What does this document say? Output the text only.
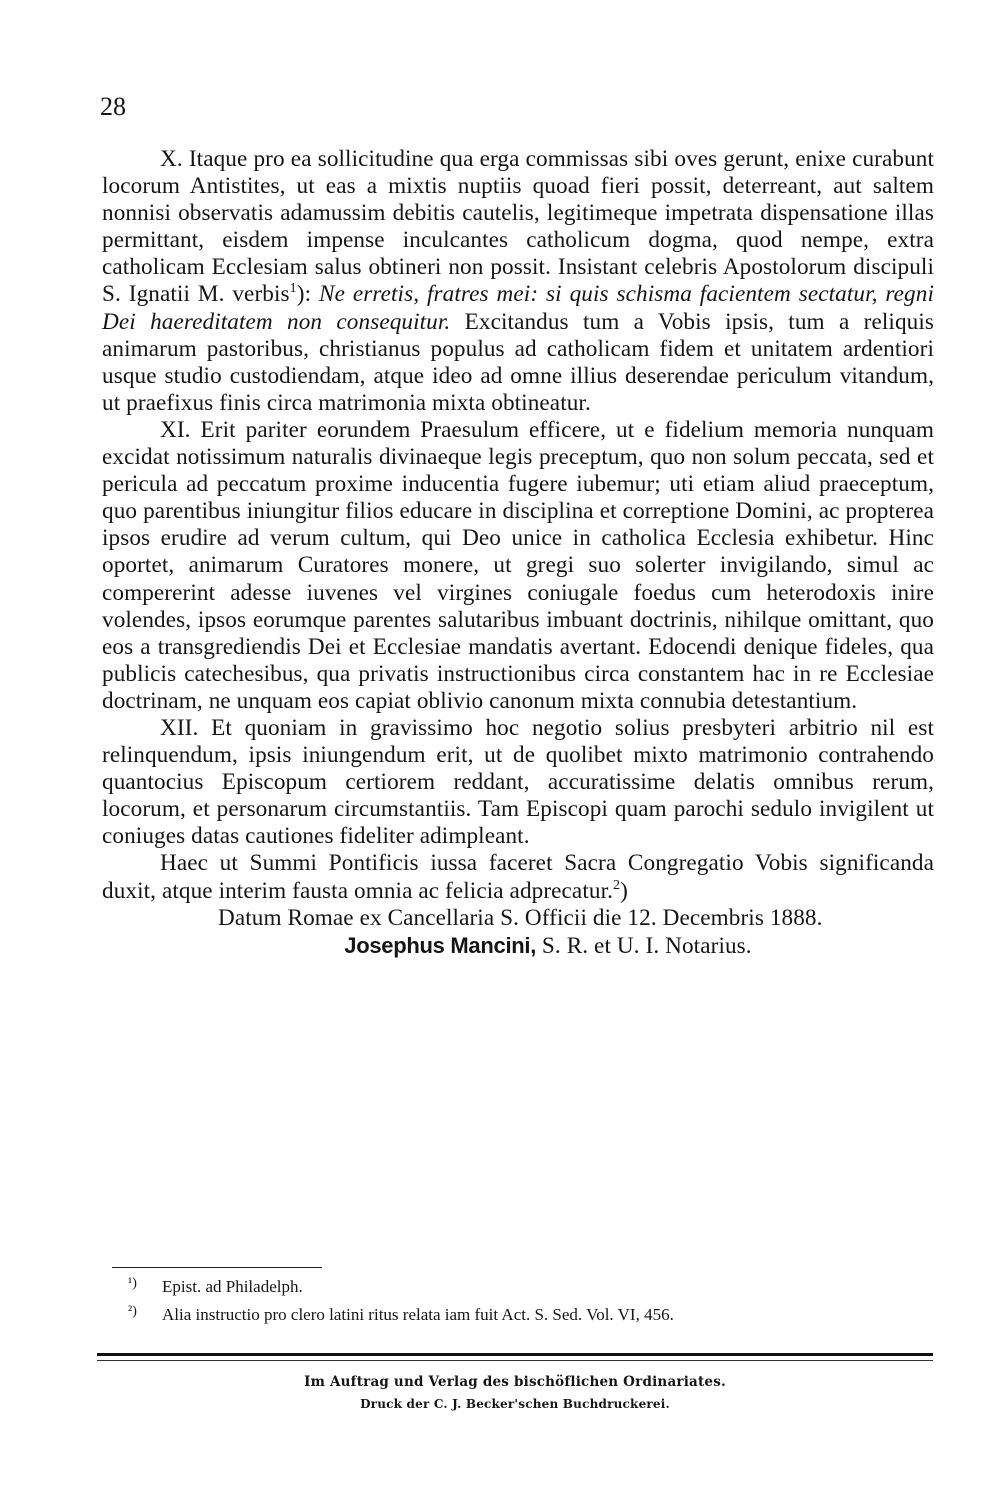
28

X. Itaque pro ea sollicitudine qua erga commissas sibi oves gerunt, enixe curabunt locorum Antistites, ut eas a mixtis nuptiis quoad fieri possit, deterreant, aut saltem nonnisi observatis adamussim debitis cautelis, legitimeque impetrata dispensatione illas permittant, eisdem impense inculcantes catholicum dogma, quod nempe, extra catholicam Ecclesiam salus obtineri non possit. Insistant celebris Apostolorum discipuli S. Ignatii M. verbis$^1$): Ne erretis, fratres mei: si quis schisma facientem sectatur, regni Dei haereditatem non consequitur. Excitandus tum a Vobis ipsis, tum a reliquis animarum pastoribus, christianus populus ad catholicam fidem et unitatem ardentiori usque studio custodiendam, atque ideo ad omne illius deserendae periculum vitandum, ut praefixus finis circa matrimonia mixta obtineatur.

XI. Erit pariter eorundem Praesulum efficere, ut e fidelium memoria nunquam excidat notissimum naturalis divinaeque legis preceptum, quo non solum peccata, sed et pericula ad peccatum proxime inducentia fugere iubemur; uti etiam aliud praeceptum, quo parentibus iniungitur filios educare in disciplina et correptione Domini, ac propterea ipsos erudire ad verum cultum, qui Deo unice in catholica Ecclesia exhibetur. Hinc oportet, animarum Curatores monere, ut gregi suo solerter invigilando, simul ac compererint adesse iuvenes vel virgines coniugale foedus cum heterodoxis inire volendes, ipsos eorumque parentes salutaribus imbuant doctrinis, nihilque omittant, quo eos a transgrediendis Dei et Ecclesiae mandatis avertant. Edocendi denique fideles, qua publicis catechesibus, qua privatis instructionibus circa constantem hac in re Ecclesiae doctrinam, ne unquam eos capiat oblivio canonum mixta connubia detestantium.

XII. Et quoniam in gravissimo hoc negotio solius presbyteri arbitrio nil est relinquendum, ipsis iniungendum erit, ut de quolibet mixto matrimonio contrahendo quantocius Episcopum certiorem reddant, accuratissime delatis omnibus rerum, locorum, et personarum circumstantiis. Tam Episcopi quam parochi sedulo invigilent ut coniuges datas cautiones fideliter adimpleant.

Haec ut Summi Pontificis iussa faceret Sacra Congregatio Vobis significanda duxit, atque interim fausta omnia ac felicia adprecatur.$^2$)

Datum Romae ex Cancellaria S. Officii die 12. Decembris 1888.

Josephus Mancini, S. R. et U. I. Notarius.

¹) Epist. ad Philadelph.
²) Alia instructio pro clero latini ritus relata iam fuit Act. S. Sed. Vol. VI, 456.
Im Auftrag und Verlag des bischöflichen Ordinariates.
Druck der C. J. Becker'schen Buchdruckerei.
